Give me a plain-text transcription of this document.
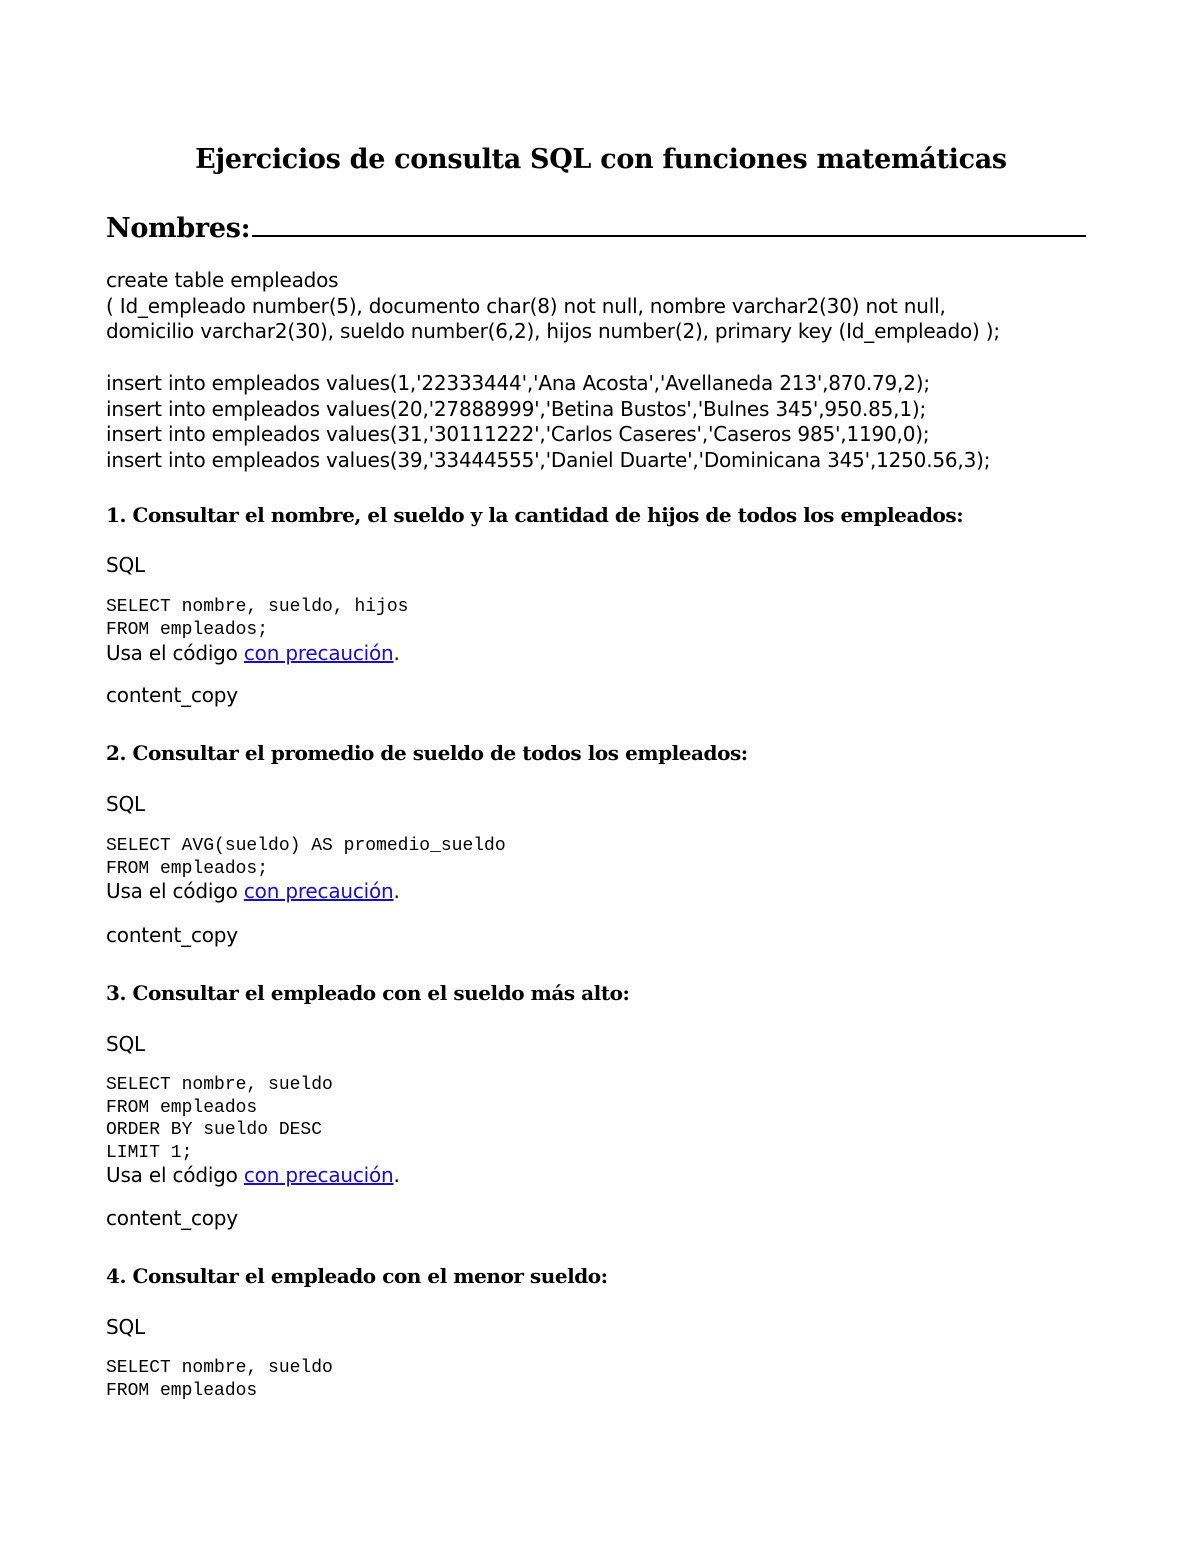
Ejercicios de consulta SQL con funciones matemáticas
Nombres:
create table empleados
( Id_empleado number(5), documento char(8) not null, nombre varchar2(30) not null,
domicilio varchar2(30), sueldo number(6,2), hijos number(2), primary key (Id_empleado) );
insert into empleados values(1,'22333444','Ana Acosta','Avellaneda 213',870.79,2);
insert into empleados values(20,'27888999','Betina Bustos','Bulnes 345',950.85,1);
insert into empleados values(31,'30111222','Carlos Caseres','Caseros 985',1190,0);
insert into empleados values(39,'33444555','Daniel Duarte','Dominicana 345',1250.56,3);
1. Consultar el nombre, el sueldo y la cantidad de hijos de todos los empleados:
SQL
SELECT nombre, sueldo, hijos
FROM empleados;
Usa el código con precaución.
content_copy
2. Consultar el promedio de sueldo de todos los empleados:
SQL
SELECT AVG(sueldo) AS promedio_sueldo
FROM empleados;
Usa el código con precaución.
content_copy
3. Consultar el empleado con el sueldo más alto:
SQL
SELECT nombre, sueldo
FROM empleados
ORDER BY sueldo DESC
LIMIT 1;
Usa el código con precaución.
content_copy
4. Consultar el empleado con el menor sueldo:
SQL
SELECT nombre, sueldo
FROM empleados
